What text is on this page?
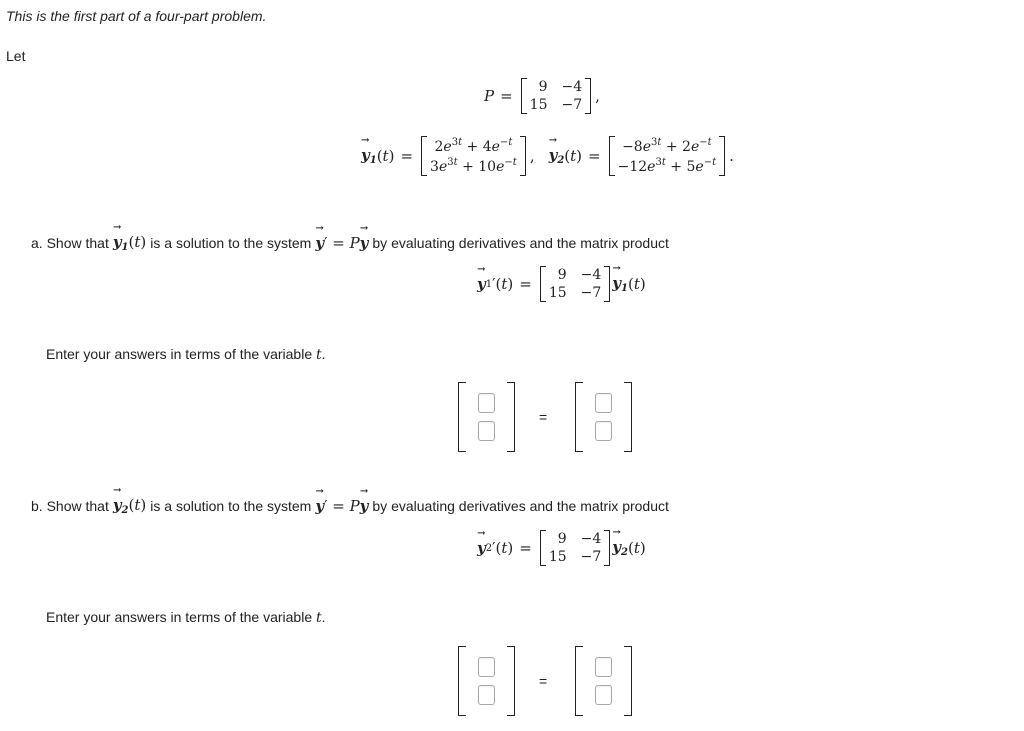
This is the first part of a four-part problem.
Let
P =	9 −4
15 −7 ,
→ $y_1$ $(t) = 2e^{3t} + 4e^{-t}$
$3e^{3t} + 10e^{-t}$ , → $y_2$ $(t) = -8e^{3t} + 2e^{-t}$
$-12e^{3t} + 5e^{-t}$ .
a. Show that → $y_1(t)$ is a solution to the system → y′ = P→ y by evaluating derivatives and the matrix product
→ y 1 ′ (t) =	9 −4
15 −7
→ $y_1$ (t)
Enter your answers in terms of the variable t.
=
b. Show that → $y_2(t)$ is a solution to the system → y′ = P→ y by evaluating derivatives and the matrix product
→ y 2 ′ (t) =	9 −4
15 −7
→ $y_2$ (t)
Enter your answers in terms of the variable t.
=
